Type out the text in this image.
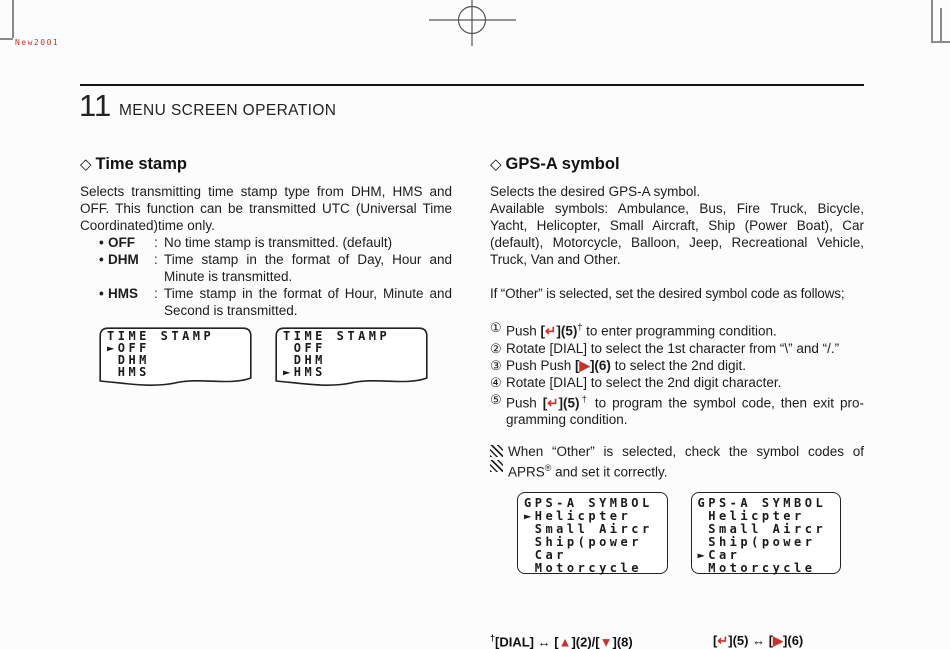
New2001
11 MENU SCREEN OPERATION
◇ Time stamp
Selects transmitting time stamp type from DHM, HMS and
OFF. This function can be transmitted UTC (Universal Time
Coordinated)time only.
• OFF	: No time stamp is transmitted. (default)
• DHM	: Time stamp in the format of Day, Hour and
Minute is transmitted.
• HMS	: Time stamp in the format of Hour, Minute and
Second is transmitted.
TIME STAMP
►OFF
DHM
HMS
TIME STAMP
OFF
DHM
►HMS
◇ GPS-A symbol
Selects the desired GPS-A symbol.
Available symbols: Ambulance, Bus, Fire Truck, Bicycle,
Yacht, Helicopter, Small Aircraft, Ship (Power Boat), Car
(default), Motorcycle, Balloon, Jeep, Recreational Vehicle,
Truck, Van and Other.
If “Other” is selected, set the desired symbol code as follows;
① Push [↵](5)† to enter programming condition.
② Rotate [DIAL] to select the 1st character from “\” and “/.”
③ Push Push [▶](6) to select the 2nd digit.
④ Rotate [DIAL] to select the 2nd digit character.
⑤ Push [↵](5)† to program the symbol code, then exit pro-
gramming condition.
When “Other” is selected, check the symbol codes of
APRS® and set it correctly.
GPS-A SYMBOL
►Helicpter
Small Aircr
Ship(power
Car
Motorcycle
GPS-A SYMBOL
Helicpter
Small Aircr
Ship(power
►Car
Motorcycle
†[DIAL] ↔ [▲](2)/[▼](8)	[↵](5) ↔ [▶](6)
